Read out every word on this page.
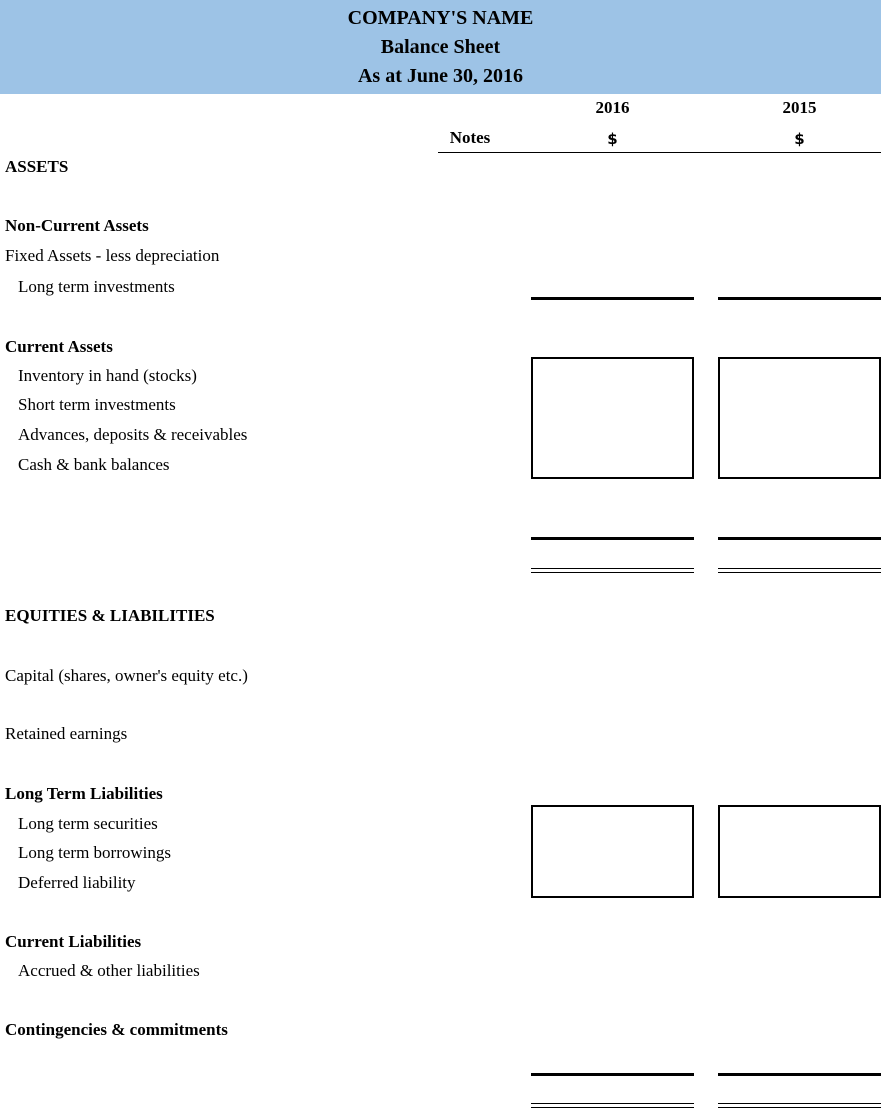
COMPANY'S NAME
Balance Sheet
As at June 30, 2016
2016	2015
Notes	$	$
ASSETS
Non-Current Assets
Fixed Assets - less depreciation
Long term investments
Current Assets
Inventory in hand (stocks)
Short term investments
Advances, deposits & receivables
Cash & bank balances
EQUITIES & LIABILITIES
Capital (shares, owner's equity etc.)
Retained earnings
Long Term Liabilities
Long term securities
Long term borrowings
Deferred liability
Current Liabilities
Accrued & other liabilities
Contingencies & commitments
